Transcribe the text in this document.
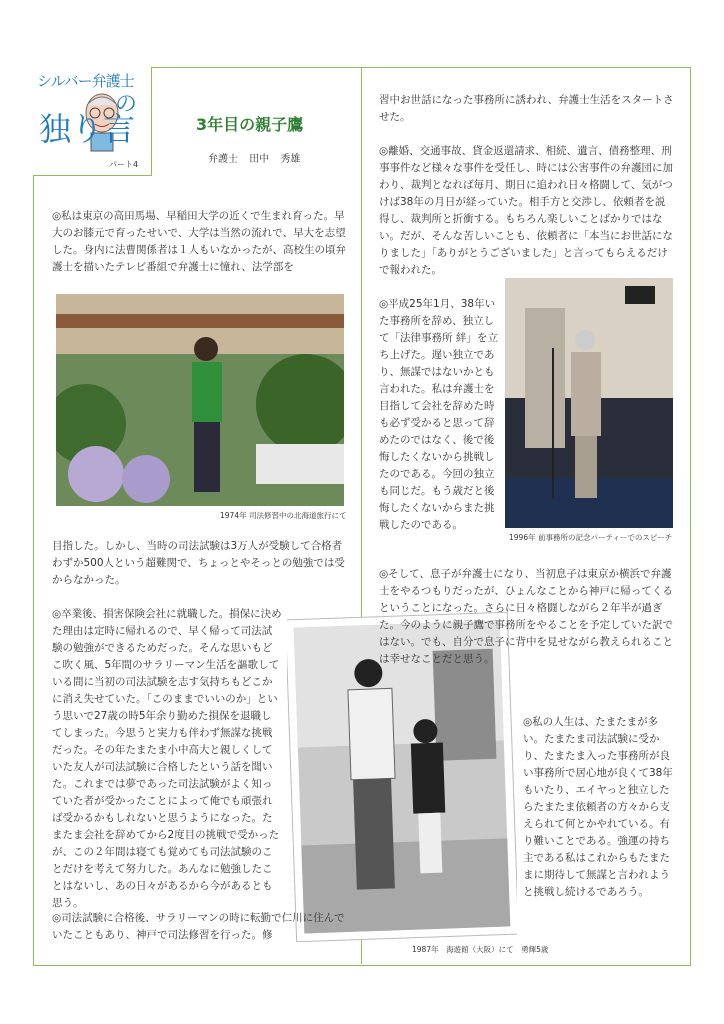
シルバー弁護士
の
独り言
パート4
3年目の親子鷹
弁護士 田中 秀雄

◎私は東京の高田馬場、早稲田大学の近くで生まれ育った。早大のお膝元で育ったせいで、大学は当然の流れで、早大を志望した。身内に法曹関係者は１人もいなかったが、高校生の頃弁護士を描いたテレビ番組で弁護士に憧れ、法学部を

1974年 司法修習中の北海道旅行にて

目指した。しかし、当時の司法試験は3万人が受験して合格者わずか500人という超難関で、ちょっとやそっとの勉強では受からなかった。

◎卒業後、損害保険会社に就職した。損保に決めた理由は定時に帰れるので、早く帰って司法試験の勉強ができるためだった。そんな思いもどこ吹く風、5年間のサラリーマン生活を謳歌している間に当初の司法試験を志す気持ちもどこかに消え失せていた。「このままでいいのか」という思いで27歳の時5年余り勤めた損保を退職してしまった。今思うと実力も伴わず無謀な挑戦だった。その年たまたま小中高大と親しくしていた友人が司法試験に合格したという話を聞いた。これまでは夢であった司法試験がよく知っていた者が受かったことによって俺でも頑張れば受かるかもしれないと思うようになった。たまたま会社を辞めてから2度目の挑戦で受かったが、この２年間は寝ても覚めても司法試験のことだけを考えて努力した。あんなに勉強したことはないし、あの日々があるから今があるとも思う。

1987年　海遊館（大阪）にて　勇輝5歳

◎司法試験に合格後、サラリーマンの時に転勤で仁川に住んでいたこともあり、神戸で司法修習を行った。修

習中お世話になった事務所に誘われ、弁護士生活をスタートさせた。

◎離婚、交通事故、貸金返還請求、相続、遺言、債務整理、刑事事件など様々な事件を受任し、時には公害事件の弁護団に加わり、裁判となれば毎月、期日に追われ日々格闘して、気がつけば38年の月日が経っていた。相手方と交渉し、依頼者を説得し、裁判所と折衝する。もちろん楽しいことばかりではない。だが、そんな苦しいことも、依頼者に「本当にお世話になりました」「ありがとうございました」と言ってもらえるだけで報われた。

◎平成25年1月、38年いた事務所を辞め、独立して「法律事務所 絆」を立ち上げた。遅い独立であり、無謀ではないかとも言われた。私は弁護士を目指して会社を辞めた時も必ず受かると思って辞めたのではなく、後で後悔したくないから挑戦したのである。今回の独立も同じだ。もう歳だと後悔したくないからまた挑戦したのである。

1996年 前事務所の記念パーティーでのスピーチ

◎そして、息子が弁護士になり、当初息子は東京か横浜で弁護士をやるつもりだったが、ひょんなことから神戸に帰ってくるということになった。さらに日々格闘しながら２年半が過ぎた。今のように親子鷹で事務所をやることを予定していた訳ではない。でも、自分で息子に背中を見せながら教えられることは幸せなことだと思う。

◎私の人生は、たまたまが多い。たまたま司法試験に受かり、たまたま入った事務所が良い事務所で居心地が良くて38年もいたり、エイヤっと独立したらたまたま依頼者の方々から支えられて何とかやれている。有り難いことである。強運の持ち主である私はこれからもたまたまに期待して無謀と言われようと挑戦し続けるであろう。
